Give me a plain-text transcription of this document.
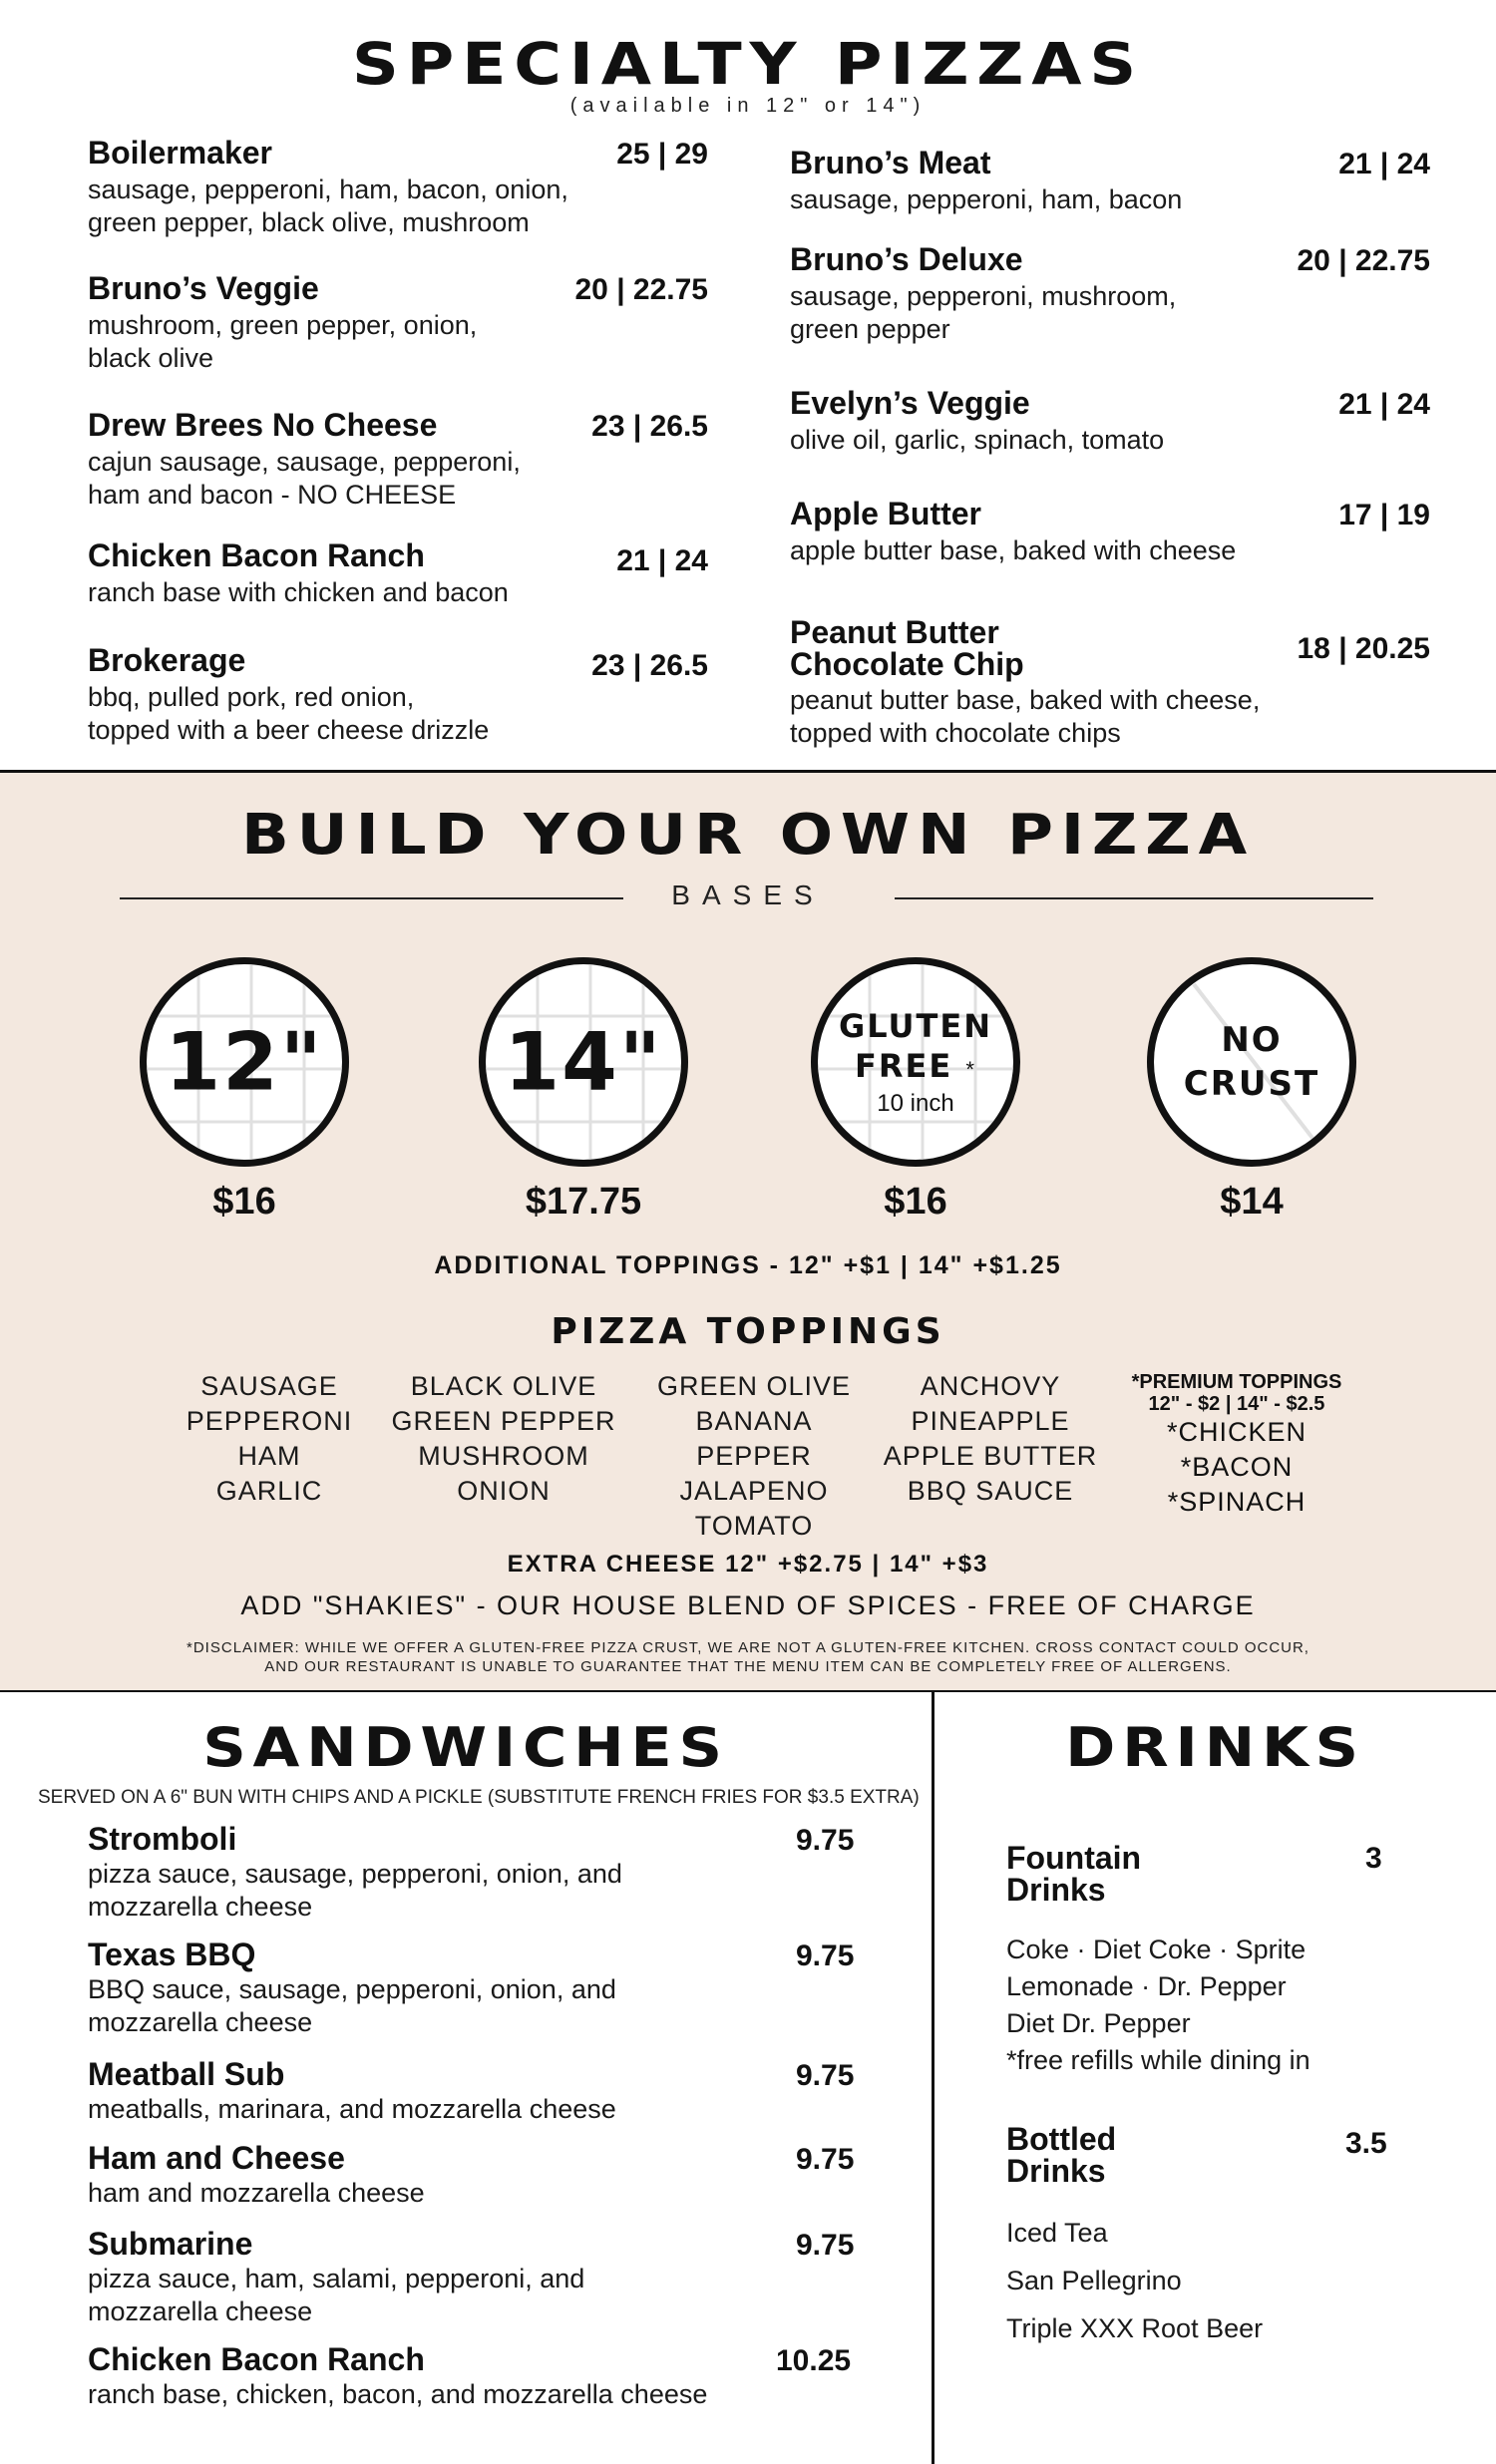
SPECIALTY PIZZAS
(available in 12" or 14")
Boilermaker	25 | 29
sausage, pepperoni, ham, bacon, onion,
green pepper, black olive, mushroom
Bruno’s Veggie	20 | 22.75
mushroom, green pepper, onion,
black olive
Drew Brees No Cheese	23 | 26.5
cajun sausage, sausage, pepperoni,
ham and bacon - NO CHEESE
Chicken Bacon Ranch	21 | 24
ranch base with chicken and bacon
Brokerage	23 | 26.5
bbq, pulled pork, red onion,
topped with a beer cheese drizzle
Bruno’s Meat	21 | 24
sausage, pepperoni, ham, bacon
Bruno’s Deluxe	20 | 22.75
sausage, pepperoni, mushroom,
green pepper
Evelyn’s Veggie	21 | 24
olive oil, garlic, spinach, tomato
Apple Butter	17 | 19
apple butter base, baked with cheese
Peanut Butter
Chocolate Chip	18 | 20.25
peanut butter base, baked with cheese,
topped with chocolate chips
BUILD YOUR OWN PIZZA
BASES
12"
$16
14"
$17.75
GLUTEN
FREE *
10 inch
$16
NO
CRUST
$14
ADDITIONAL TOPPINGS - 12" +$1 | 14" +$1.25
PIZZA TOPPINGS
SAUSAGE
PEPPERONI
HAM
GARLIC
BLACK OLIVE
GREEN PEPPER
MUSHROOM
ONION
GREEN OLIVE
BANANA PEPPER
JALAPENO
TOMATO
ANCHOVY
PINEAPPLE
APPLE BUTTER
BBQ SAUCE
*PREMIUM TOPPINGS
12" - $2 | 14" - $2.5
*CHICKEN
*BACON
*SPINACH
EXTRA CHEESE 12" +$2.75 | 14" +$3
ADD "SHAKIES" - OUR HOUSE BLEND OF SPICES - FREE OF CHARGE
*DISCLAIMER: WHILE WE OFFER A GLUTEN-FREE PIZZA CRUST, WE ARE NOT A GLUTEN-FREE KITCHEN. CROSS CONTACT COULD OCCUR,
AND OUR RESTAURANT IS UNABLE TO GUARANTEE THAT THE MENU ITEM CAN BE COMPLETELY FREE OF ALLERGENS.
SANDWICHES
SERVED ON A 6" BUN WITH CHIPS AND A PICKLE (SUBSTITUTE FRENCH FRIES FOR $3.5 EXTRA)
Stromboli	9.75
pizza sauce, sausage, pepperoni, onion, and
mozzarella cheese
Texas BBQ	9.75
BBQ sauce, sausage, pepperoni, onion, and
mozzarella cheese
Meatball Sub	9.75
meatballs, marinara, and mozzarella cheese
Ham and Cheese	9.75
ham and mozzarella cheese
Submarine	9.75
pizza sauce, ham, salami, pepperoni, and
mozzarella cheese
Chicken Bacon Ranch	10.25
ranch base, chicken, bacon, and mozzarella cheese
DRINKS
Fountain
Drinks
3
Coke · Diet Coke · Sprite
Lemonade · Dr. Pepper
Diet Dr. Pepper
*free refills while dining in
Bottled
Drinks
3.5
Iced Tea
San Pellegrino
Triple XXX Root Beer
